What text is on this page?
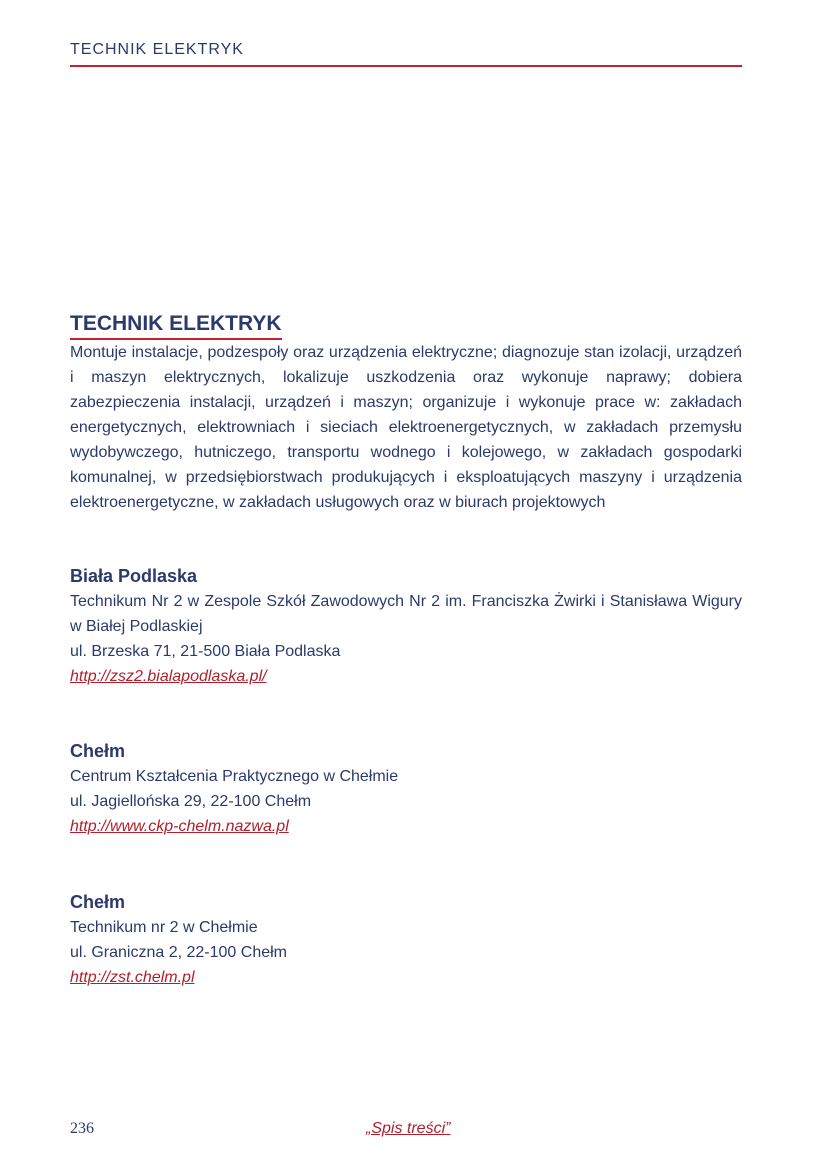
TECHNIK ELEKTRYK
TECHNIK ELEKTRYK

Montuje instalacje, podzespoły oraz urządzenia elektryczne; diagnozuje stan izolacji, urządzeń i maszyn elektrycznych, lokalizuje uszkodzenia oraz wykonuje naprawy; dobiera zabezpieczenia instalacji, urządzeń i maszyn; organizuje i wykonuje prace w: zakładach energetycznych, elektrowniach i sieciach elektroenergetycznych, w zakładach przemysłu wydobywczego, hutniczego, transportu wodnego i kolejowego, w zakładach gospodarki komunalnej, w przedsiębiorstwach produkujących i eksploatujących maszyny i urządzenia elektroenergetyczne, w zakładach usługowych oraz w biurach projektowych

Biała Podlaska
Technikum Nr 2 w Zespole Szkół Zawodowych Nr 2 im. Franciszka Żwirki i Stanisława Wigury w Białej Podlaskiej
ul. Brzeska 71, 21-500 Biała Podlaska
http://zsz2.bialapodlaska.pl/
Chełm
Centrum Kształcenia Praktycznego w Chełmie
ul. Jagiellońska 29, 22-100 Chełm
http://www.ckp-chelm.nazwa.pl
Chełm
Technikum nr 2 w Chełmie
ul. Graniczna 2, 22-100 Chełm
http://zst.chelm.pl
236	„Spis treści”
